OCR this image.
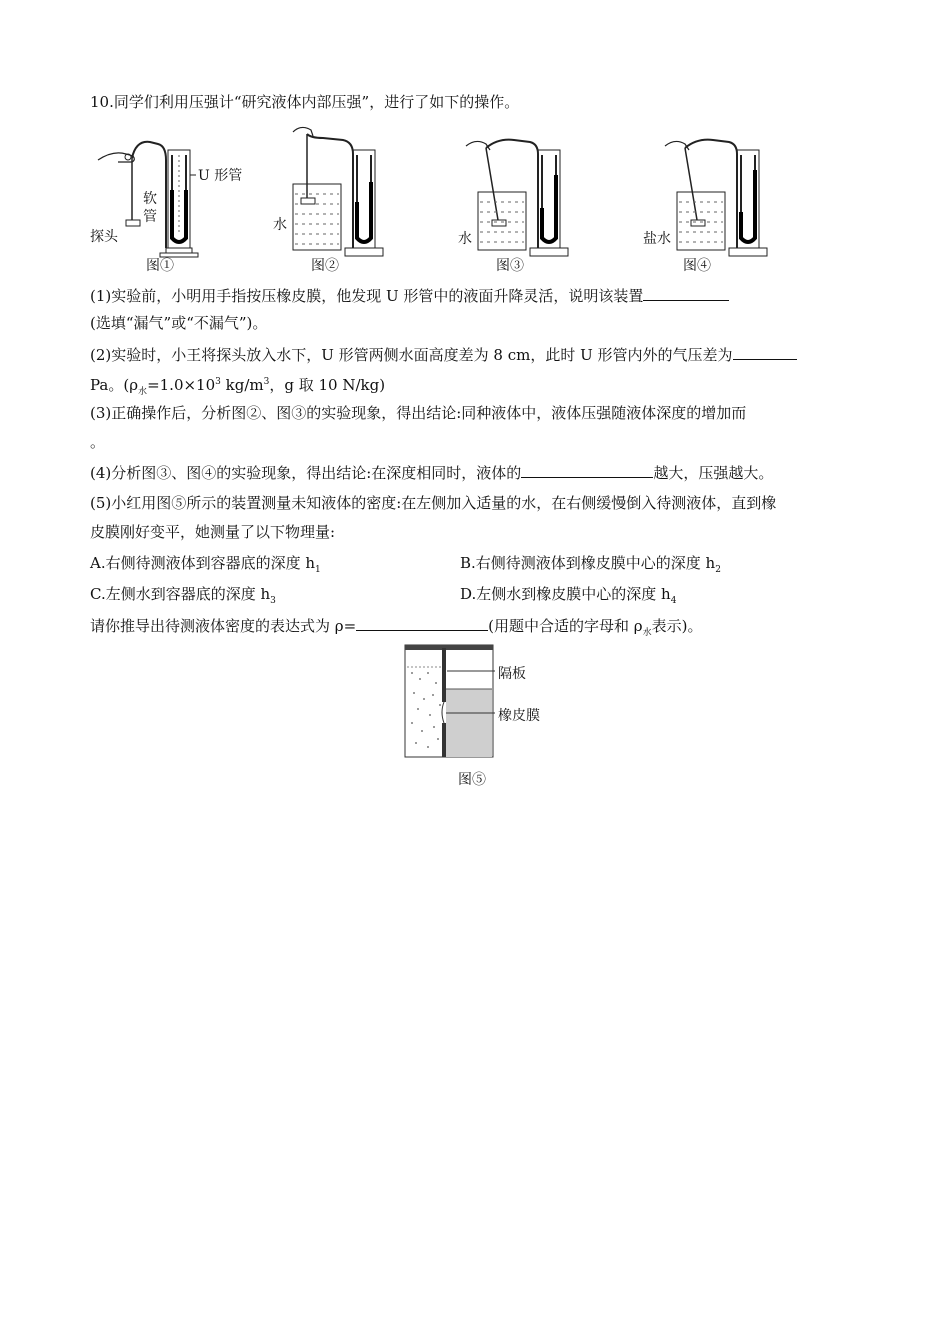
10.同学们利用压强计“研究液体内部压强”，进行了如下的操作。
U 形管
软
管
探头
图①
水
图②
水
图③
盐水
图④
(1)实验前，小明用手指按压橡皮膜，他发现 U 形管中的液面升降灵活，说明该装置
(选填“漏气”或“不漏气”)。
(2)实验时，小王将探头放入水下，U 形管两侧水面高度差为 8 cm，此时 U 形管内外的气压差为
Pa。($\rho_水=1.0\times 10^3$ $kg/m^3$，g 取 10 N/kg)
(3)正确操作后，分析图②、图③的实验现象，得出结论:同种液体中，液体压强随液体深度的增加而
。
(4)分析图③、图④的实验现象，得出结论:在深度相同时，液体的	越大，压强越大。
(5)小红用图⑤所示的装置测量未知液体的密度:在左侧加入适量的水，在右侧缓慢倒入待测液体，直到橡
皮膜刚好变平，她测量了以下物理量:
A.右侧待测液体到容器底的深度 $h_1$	B.右侧待测液体到橡皮膜中心的深度 $h_2$
C.左侧水到容器底的深度 $h_3$	D.左侧水到橡皮膜中心的深度 $h_4$
请你推导出待测液体密度的表达式为 ρ=	(用题中合适的字母和 $\rho_水$表示)。
隔板
橡皮膜
图⑤
